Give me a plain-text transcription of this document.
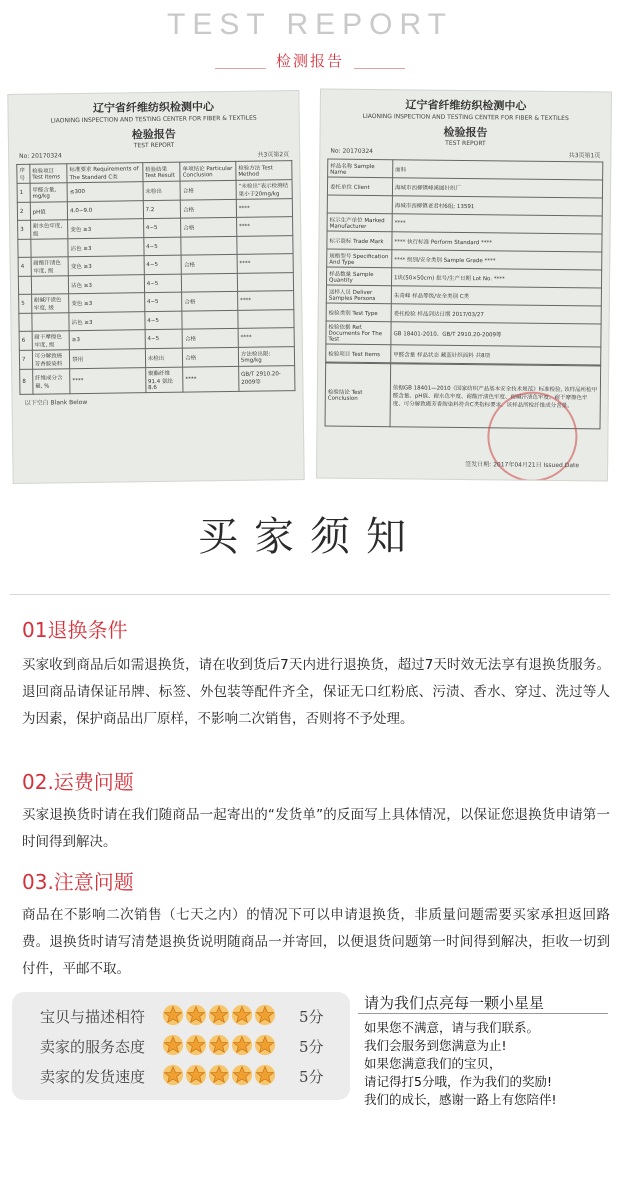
TEST REPORT
检测报告
辽宁省纤维纺织检测中心
LIAONING INSPECTION AND TESTING CENTER FOR FIBER & TEXTILES
检验报告
TEST REPORT
No: 20170324	共3页第2页
序号	检验项目 Test Items	标准要求 Requirements of The Standard C类	检验结果 Test Result	单项结论 Particular Conclusion	检验方法 Test Method
1	甲醛含量, mg/kg	≤300	未检出	合格	“未检出”表示检测结果小于20mg/kg
2	pH值	4.0~9.0	7.2	合格	****
3	耐水色牢度, 级	变色 ≥3	4~5	合格	****
		沾色 ≥3	4~5		
4	耐酸汗渍色牢度, 级	变色 ≥3	4~5	合格	****
		沾色 ≥3	4~5		
5	耐碱汗渍色牢度, 级	变色 ≥3	4~5	合格	****
		沾色 ≥3	4~5		
6	耐干摩擦色牢度, 级	≥3	4~5	合格	****
7	可分解致癌芳香胺染料	禁用	未检出	合格	方法检出限: 5mg/kg
8	纤维成分含量, %	****	聚酯纤维91.4 氨纶8.6	****	GB/T 2910.20-2009等
以下空白 Blank Below
辽宁省纤维纺织检测中心
LIAONING INSPECTION AND TESTING CENTER FOR FIBER & TEXTILES
检验报告
TEST REPORT
No: 20170324
共3页第1页
样品名称 Sample Name	面料
委托单位 Client	海城市西柳镇峰溪圆针织厂
	海城市西柳镇老君村6组; 13591
标示生产单位 Marked Manufacturer	****
标示商标 Trade Mark	**** 执行标准 Perform Standard ****
规格型号 Specification And Type	**** 级别/安全类别 Sample Grade ****
样品数量 Sample Quantity	1块(50×50cm) 批号/生产日期 Lot No. ****
送样人员 Deliver Samples Persons	朱奇峰 样品等级/安全类别 C类
检验类别 Test Type	委托检验 样品到达日期 2017/03/27
检验依据 Ref. Documents For The Test	GB 18401-2010、GB/T 2910.20-2009等
检验项目 Test Items	甲醛含量 样品状态 藏蓝针织面料 共8项
检验结论 Test Conclusion	依据GB 18401—2010《国家纺织产品基本安全技术规范》标准检验, 该样品所检甲醛含量、pH值、耐水色牢度、耐酸汗渍色牢度、耐碱汗渍色牢度、耐干摩擦色牢度、可分解致癌芳香胺染料符合C类指标要求。该样品所检纤维成分含量。
签发日期: 2017年04月21日 Issued Date
买家须知
01退换条件
买家收到商品后如需退换货，请在收到货后7天内进行退换货，超过7天时效无法享有退换货服务。退回商品请保证吊牌、标签、外包装等配件齐全，保证无口红粉底、污渍、香水、穿过、洗过等人为因素，保护商品出厂原样，不影响二次销售，否则将不予处理。
02.运费问题
买家退换货时请在我们随商品一起寄出的“发货单”的反面写上具体情况，以保证您退换货申请第一时间得到解决。
03.注意问题
商品在不影响二次销售（七天之内）的情况下可以申请退换货，非质量问题需要买家承担返回路费。退换货时请写清楚退换货说明随商品一并寄回，以便退货问题第一时间得到解决，拒收一切到付件，平邮不取。
宝贝与描述相符	5分
卖家的服务态度	5分
卖家的发货速度	5分
请为我们点亮每一颗小星星
如果您不满意，请与我们联系。
我们会服务到您满意为止!
如果您满意我们的宝贝，
请记得打5分哦，作为我们的奖励!
我们的成长，感谢一路上有您陪伴!
